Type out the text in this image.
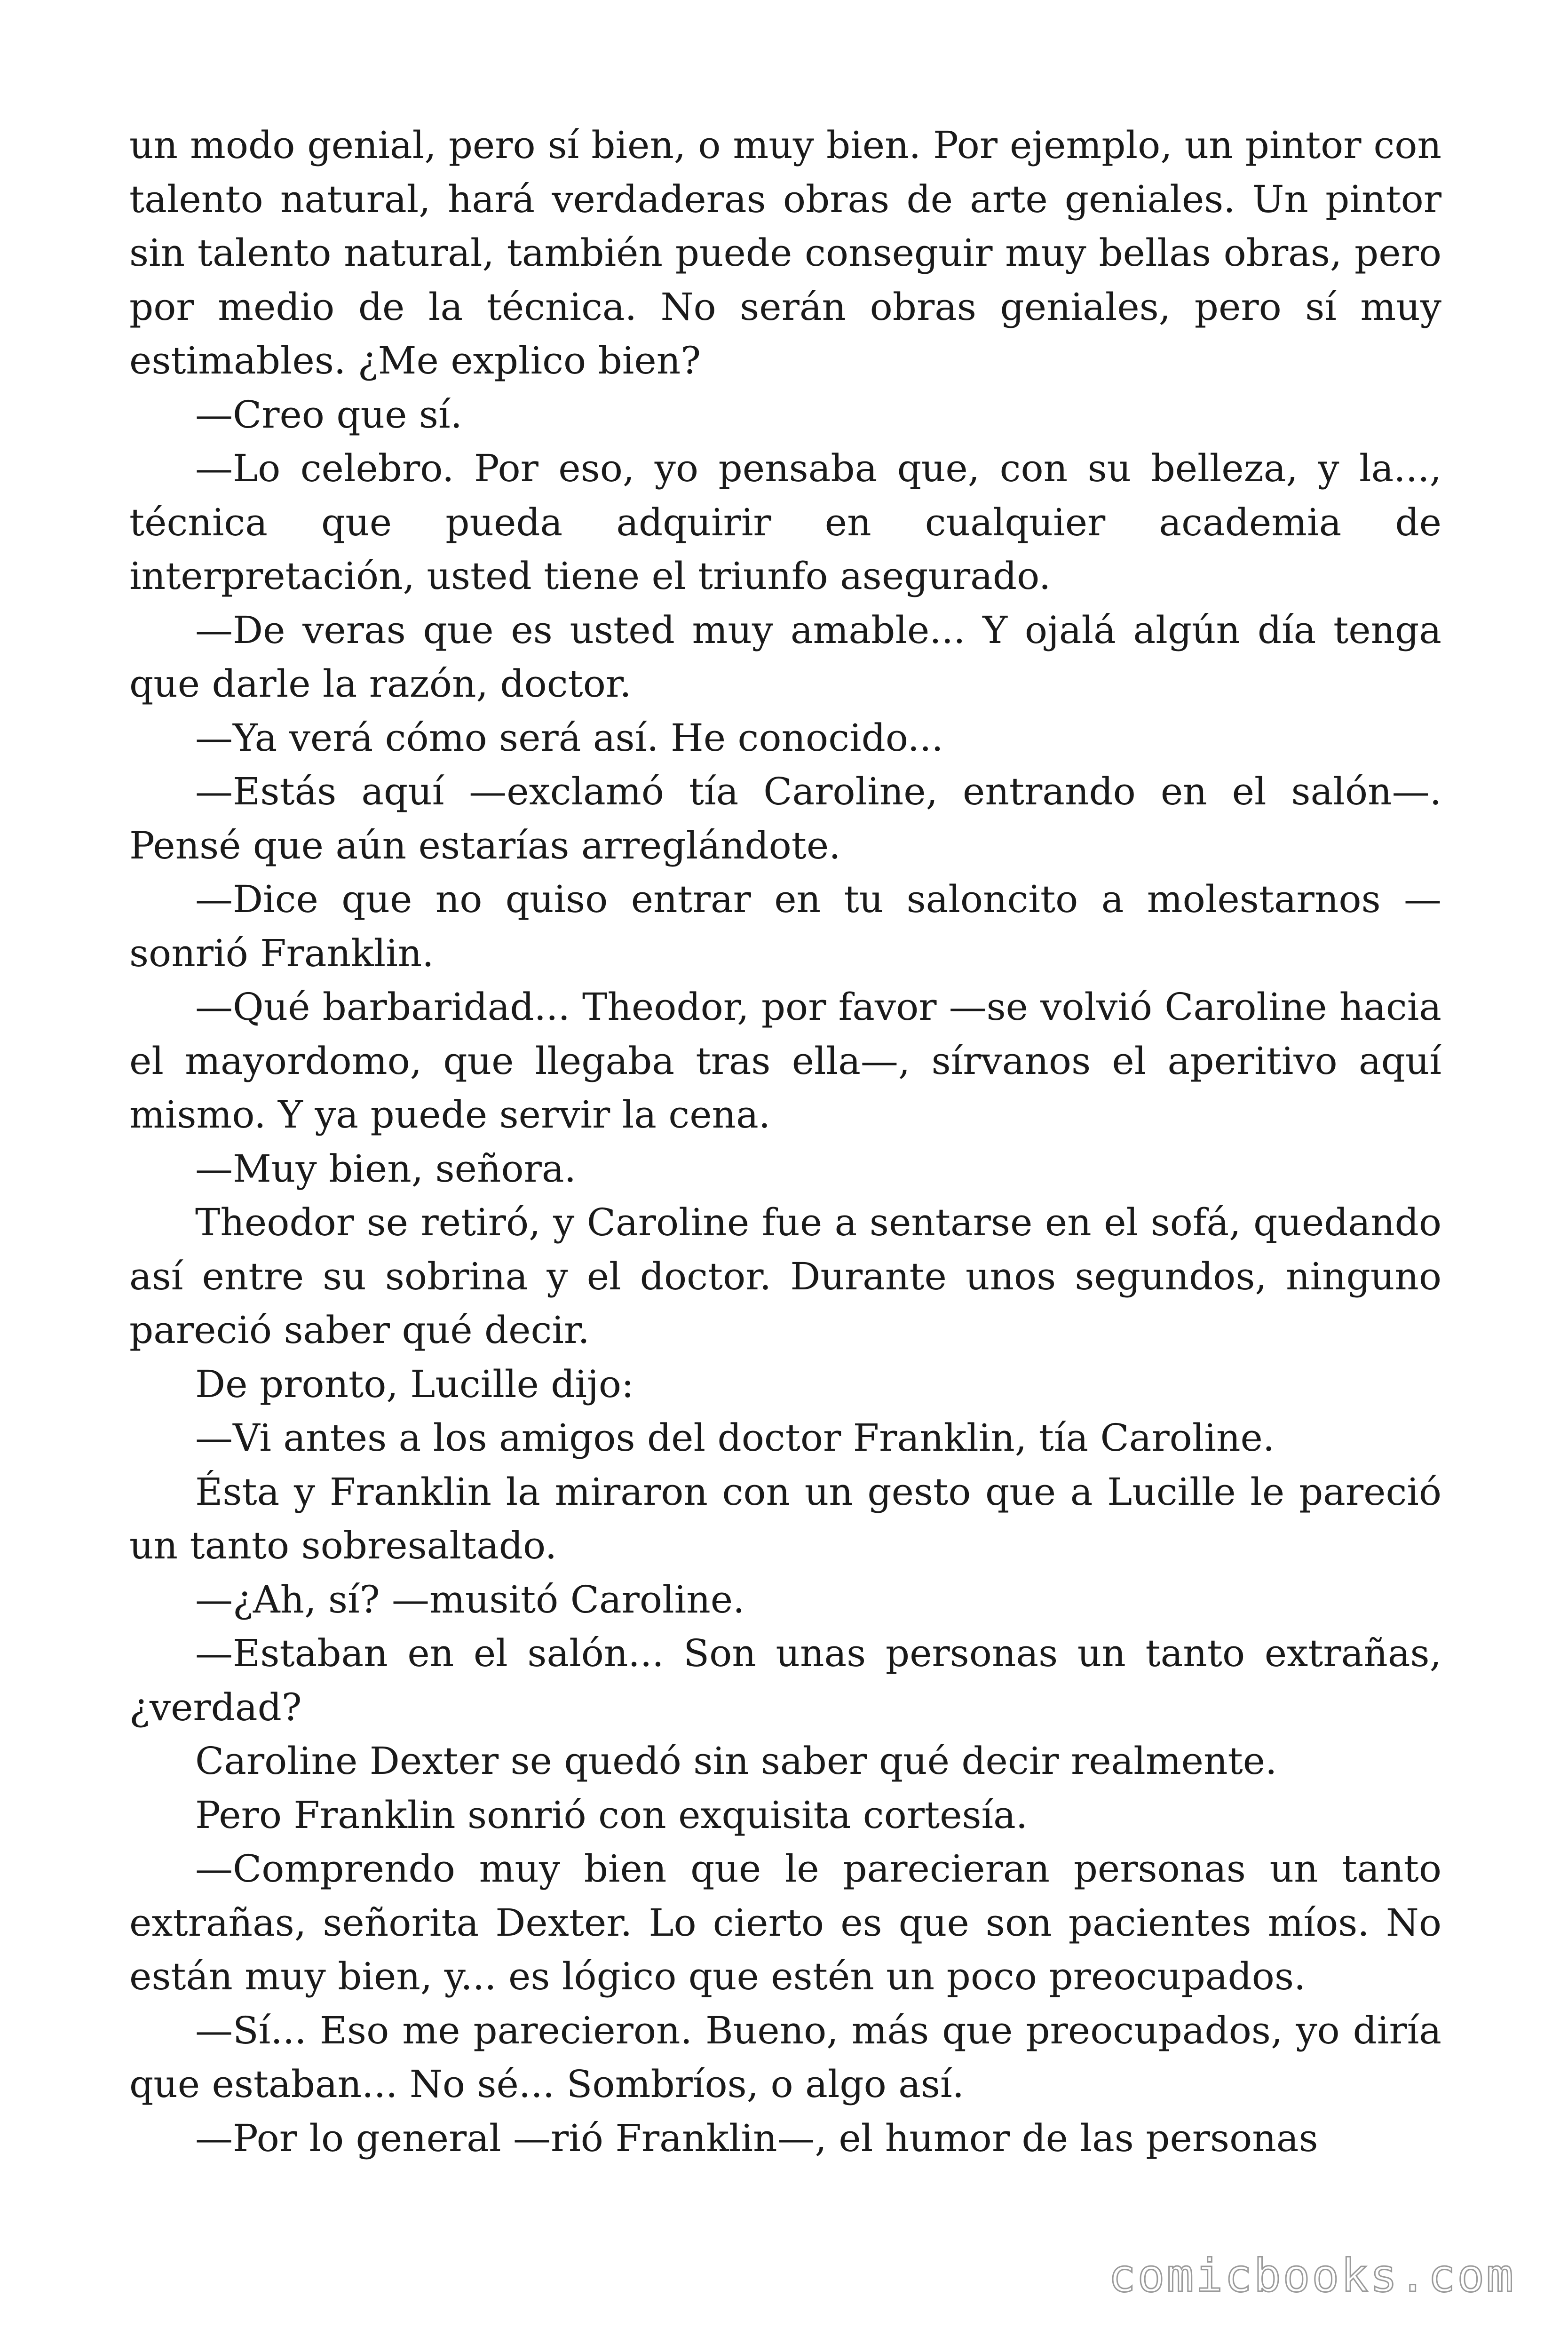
un modo genial, pero sí bien, o muy bien. Por ejemplo, un pintor con talento natural, hará verdaderas obras de arte geniales. Un pintor sin talento natural, también puede conseguir muy bellas obras, pero por medio de la técnica. No serán obras geniales, pero sí muy estimables. ¿Me explico bien?

—Creo que sí.

—Lo celebro. Por eso, yo pensaba que, con su belleza, y la..., técnica que pueda adquirir en cualquier academia de interpretación, usted tiene el triunfo asegurado.

—De veras que es usted muy amable... Y ojalá algún día tenga que darle la razón, doctor.

—Ya verá cómo será así. He conocido...

—Estás aquí —exclamó tía Caroline, entrando en el salón—. Pensé que aún estarías arreglándote.

—Dice que no quiso entrar en tu saloncito a molestarnos —sonrió Franklin.

—Qué barbaridad... Theodor, por favor —se volvió Caroline hacia el mayordomo, que llegaba tras ella—, sírvanos el aperitivo aquí mismo. Y ya puede servir la cena.

—Muy bien, señora.

Theodor se retiró, y Caroline fue a sentarse en el sofá, quedando así entre su sobrina y el doctor. Durante unos segundos, ninguno pareció saber qué decir.

De pronto, Lucille dijo:

—Vi antes a los amigos del doctor Franklin, tía Caroline.

Ésta y Franklin la miraron con un gesto que a Lucille le pareció un tanto sobresaltado.

—¿Ah, sí? —musitó Caroline.

—Estaban en el salón... Son unas personas un tanto extrañas, ¿verdad?

Caroline Dexter se quedó sin saber qué decir realmente.

Pero Franklin sonrió con exquisita cortesía.

—Comprendo muy bien que le parecieran personas un tanto extrañas, señorita Dexter. Lo cierto es que son pacientes míos. No están muy bien, y... es lógico que estén un poco preocupados.

—Sí... Eso me parecieron. Bueno, más que preocupados, yo diría que estaban... No sé... Sombríos, o algo así.

—Por lo general —rió Franklin—, el humor de las personas

comicbooks.com
